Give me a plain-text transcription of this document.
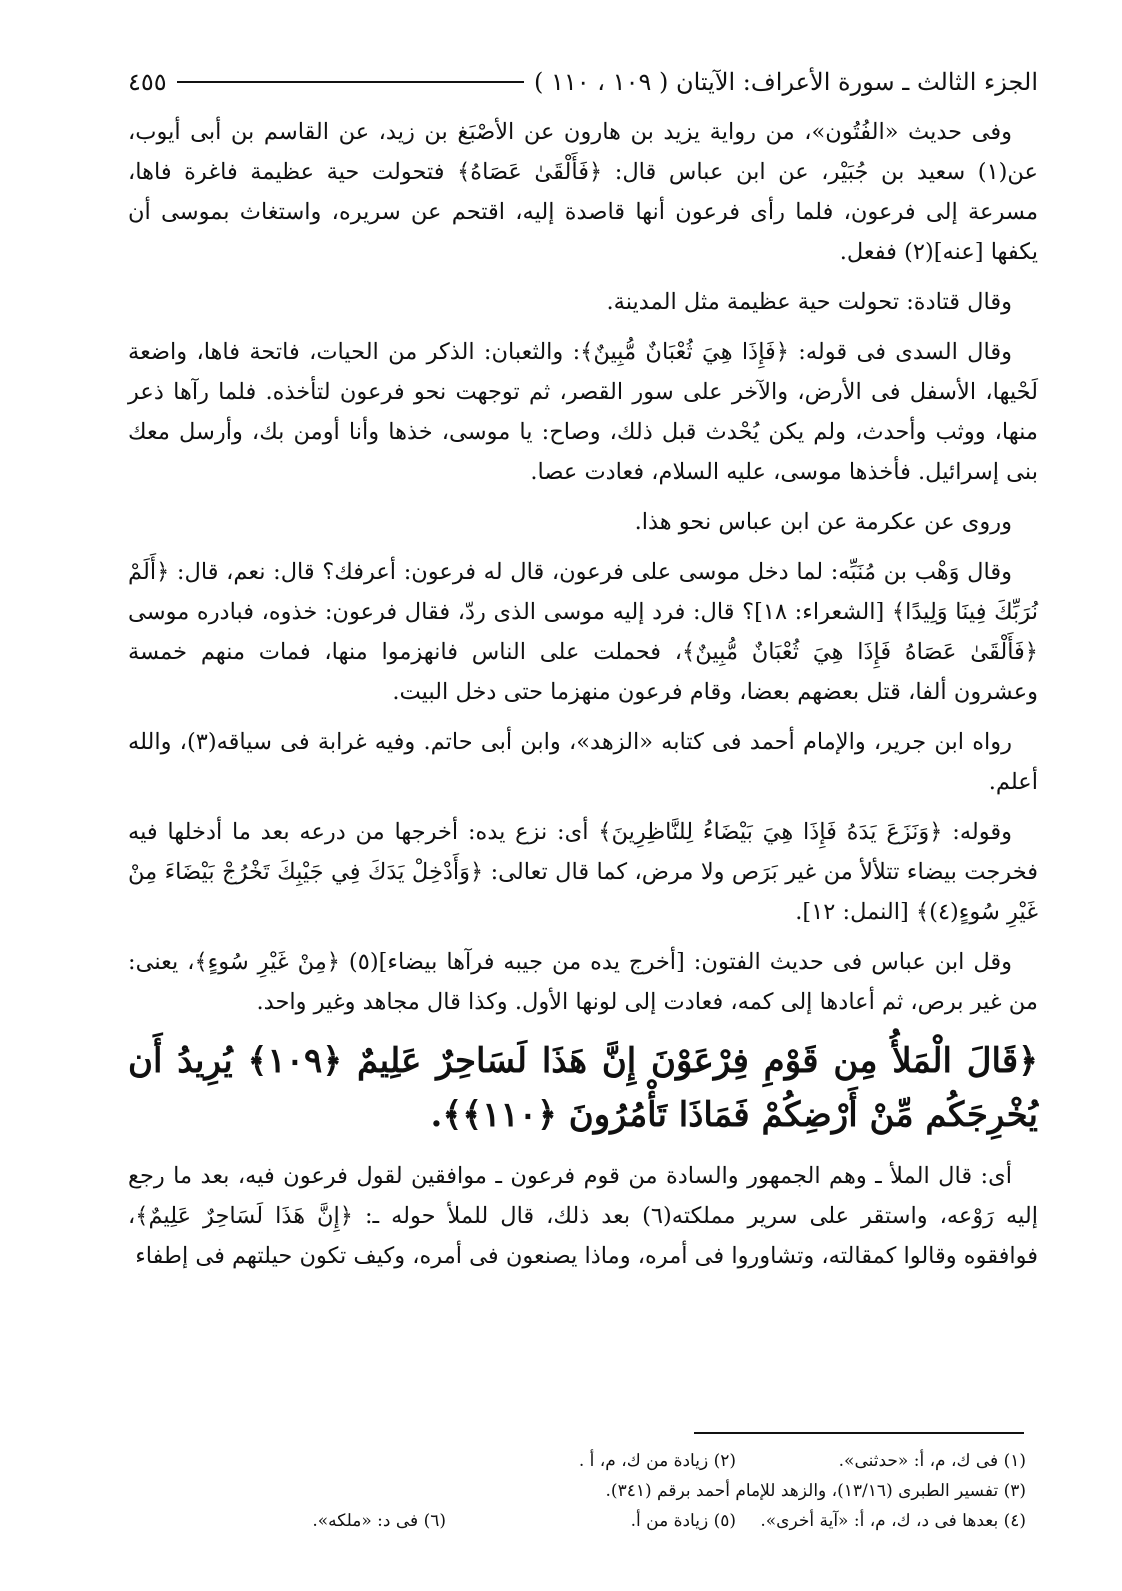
الجزء الثالث ـ سورة الأعراف: الآيتان ( ١٠٩ ، ١١٠ )
٤٥٥

وفى حديث «الفُتُون»، من رواية يزيد بن هارون عن الأصْبَغ بن زيد، عن القاسم بن أبى أيوب، عن(١) سعيد بن جُبَيْر، عن ابن عباس قال: ﴿فَأَلْقَىٰ عَصَاهُ﴾ فتحولت حية عظيمة فاغرة فاها، مسرعة إلى فرعون، فلما رأى فرعون أنها قاصدة إليه، اقتحم عن سريره، واستغاث بموسى أن يكفها [عنه](٢) ففعل.

وقال قتادة: تحولت حية عظيمة مثل المدينة.

وقال السدى فى قوله: ﴿فَإِذَا هِيَ ثُعْبَانٌ مُّبِينٌ﴾: والثعبان: الذكر من الحيات، فاتحة فاها، واضعة لَحْيها، الأسفل فى الأرض، والآخر على سور القصر، ثم توجهت نحو فرعون لتأخذه. فلما رآها ذعر منها، ووثب وأحدث، ولم يكن يُحْدث قبل ذلك، وصاح: يا موسى، خذها وأنا أومن بك، وأرسل معك بنى إسرائيل. فأخذها موسى، عليه السلام، فعادت عصا.

وروى عن عكرمة عن ابن عباس نحو هذا.

وقال وَهْب بن مُنَبِّه: لما دخل موسى على فرعون، قال له فرعون: أعرفك؟ قال: نعم، قال: ﴿أَلَمْ نُرَبِّكَ فِينَا وَلِيدًا﴾ [الشعراء: ١٨]؟ قال: فرد إليه موسى الذى ردّ، فقال فرعون: خذوه، فبادره موسى ﴿فَأَلْقَىٰ عَصَاهُ فَإِذَا هِيَ ثُعْبَانٌ مُّبِينٌ﴾، فحملت على الناس فانهزموا منها، فمات منهم خمسة وعشرون ألفا، قتل بعضهم بعضا، وقام فرعون منهزما حتى دخل البيت.

رواه ابن جرير، والإمام أحمد فى كتابه «الزهد»، وابن أبى حاتم. وفيه غرابة فى سياقه(٣)، والله أعلم.

وقوله: ﴿وَنَزَعَ يَدَهُ فَإِذَا هِيَ بَيْضَاءُ لِلنَّاظِرِينَ﴾ أى: نزع يده: أخرجها من درعه بعد ما أدخلها فيه فخرجت بيضاء تتلألأ من غير بَرَص ولا مرض، كما قال تعالى: ﴿وَأَدْخِلْ يَدَكَ فِي جَيْبِكَ تَخْرُجْ بَيْضَاءَ مِنْ غَيْرِ سُوءٍ(٤)﴾ [النمل: ١٢].

وقل ابن عباس فى حديث الفتون: [أخرج يده من جيبه فرآها بيضاء](٥) ﴿مِنْ غَيْرِ سُوءٍ﴾، يعنى: من غير برص، ثم أعادها إلى كمه، فعادت إلى لونها الأول. وكذا قال مجاهد وغير واحد.

﴿قَالَ الْمَلأُ مِن قَوْمِ فِرْعَوْنَ إِنَّ هَذَا لَسَاحِرٌ عَلِيمٌ ﴿١٠٩﴾ يُرِيدُ أَن يُخْرِجَكُم مِّنْ أَرْضِكُمْ فَمَاذَا تَأْمُرُونَ ﴿١١٠﴾﴾.

أى: قال الملأ ـ وهم الجمهور والسادة من قوم فرعون ـ موافقين لقول فرعون فيه، بعد ما رجع إليه رَوْعه، واستقر على سرير مملكته(٦) بعد ذلك، قال للملأ حوله ـ: ﴿إِنَّ هَذَا لَسَاحِرٌ عَلِيمٌ﴾، فوافقوه وقالوا كمقالته، وتشاوروا فى أمره، وماذا يصنعون فى أمره، وكيف تكون حيلتهم فى إطفاء

(١) فى ك، م، أ: «حدثنى».
(٢) زيادة من ك، م، أ .
(٣) تفسير الطبرى (١٣/١٦)، والزهد للإمام أحمد برقم (٣٤١).
(٤) بعدها فى د، ك، م، أ: «آية أخرى».
(٥) زيادة من أ.
(٦) فى د: «ملكه».
